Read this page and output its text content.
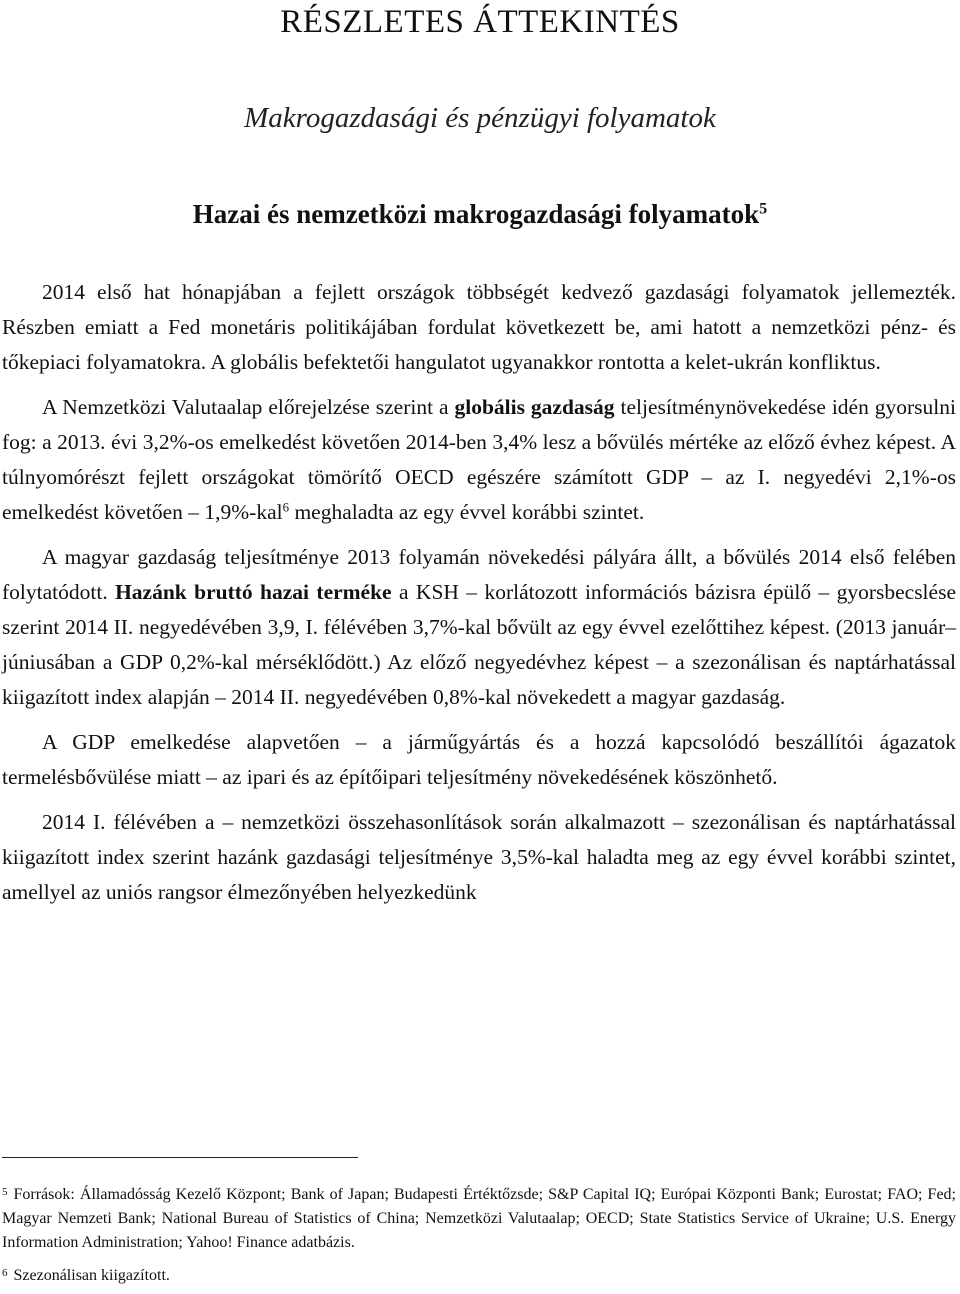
RÉSZLETES ÁTTEKINTÉS
Makrogazdasági és pénzügyi folyamatok
Hazai és nemzetközi makrogazdasági folyamatok$^5$

2014 első hat hónapjában a fejlett országok többségét kedvező gazdasági folyamatok jellemezték. Részben emiatt a Fed monetáris politikájában fordulat következett be, ami hatott a nemzetközi pénz- és tőkepiaci folyamatokra. A globális befektetői hangulatot ugyanakkor rontotta a kelet-ukrán konfliktus.

A Nemzetközi Valutaalap előrejelzése szerint a globális gazdaság teljesítménynövekedése idén gyorsulni fog: a 2013. évi 3,2%-os emelkedést követően 2014-ben 3,4% lesz a bővülés mértéke az előző évhez képest. A túlnyomórészt fejlett országokat tömörítő OECD egészére számított GDP – az I. negyedévi 2,1%-os emelkedést követően – 1,9%-kal$^6$ meghaladta az egy évvel korábbi szintet.

A magyar gazdaság teljesítménye 2013 folyamán növekedési pályára állt, a bővülés 2014 első felében folytatódott. Hazánk bruttó hazai terméke a KSH – korlátozott információs bázisra épülő – gyorsbecslése szerint 2014 II. negyedévében 3,9, I. félévében 3,7%-kal bővült az egy évvel ezelőttihez képest. (2013 január–júniusában a GDP 0,2%-kal mérséklődött.) Az előző negyedévhez képest – a szezonálisan és naptárhatással kiigazított index alapján – 2014 II. negyedévében 0,8%-kal növekedett a magyar gazdaság.

A GDP emelkedése alapvetően – a járműgyártás és a hozzá kapcsolódó beszállítói ágazatok termelésbővülése miatt – az ipari és az építőipari teljesítmény növekedésének köszönhető.

2014 I. félévében a – nemzetközi összehasonlítások során alkalmazott – szezonálisan és naptárhatással kiigazított index szerint hazánk gazdasági teljesítménye 3,5%-kal haladta meg az egy évvel korábbi szintet, amellyel az uniós rangsor élmezőnyében helyezkedünk

$^5$ Források: Államadósság Kezelő Központ; Bank of Japan; Budapesti Értéktőzsde; S&P Capital IQ; Európai Központi Bank; Eurostat; FAO; Fed; Magyar Nemzeti Bank; National Bureau of Statistics of China; Nemzetközi Valutaalap; OECD; State Statistics Service of Ukraine; U.S. Energy Information Administration; Yahoo! Finance adatbázis.

$^6$ Szezonálisan kiigazított.
